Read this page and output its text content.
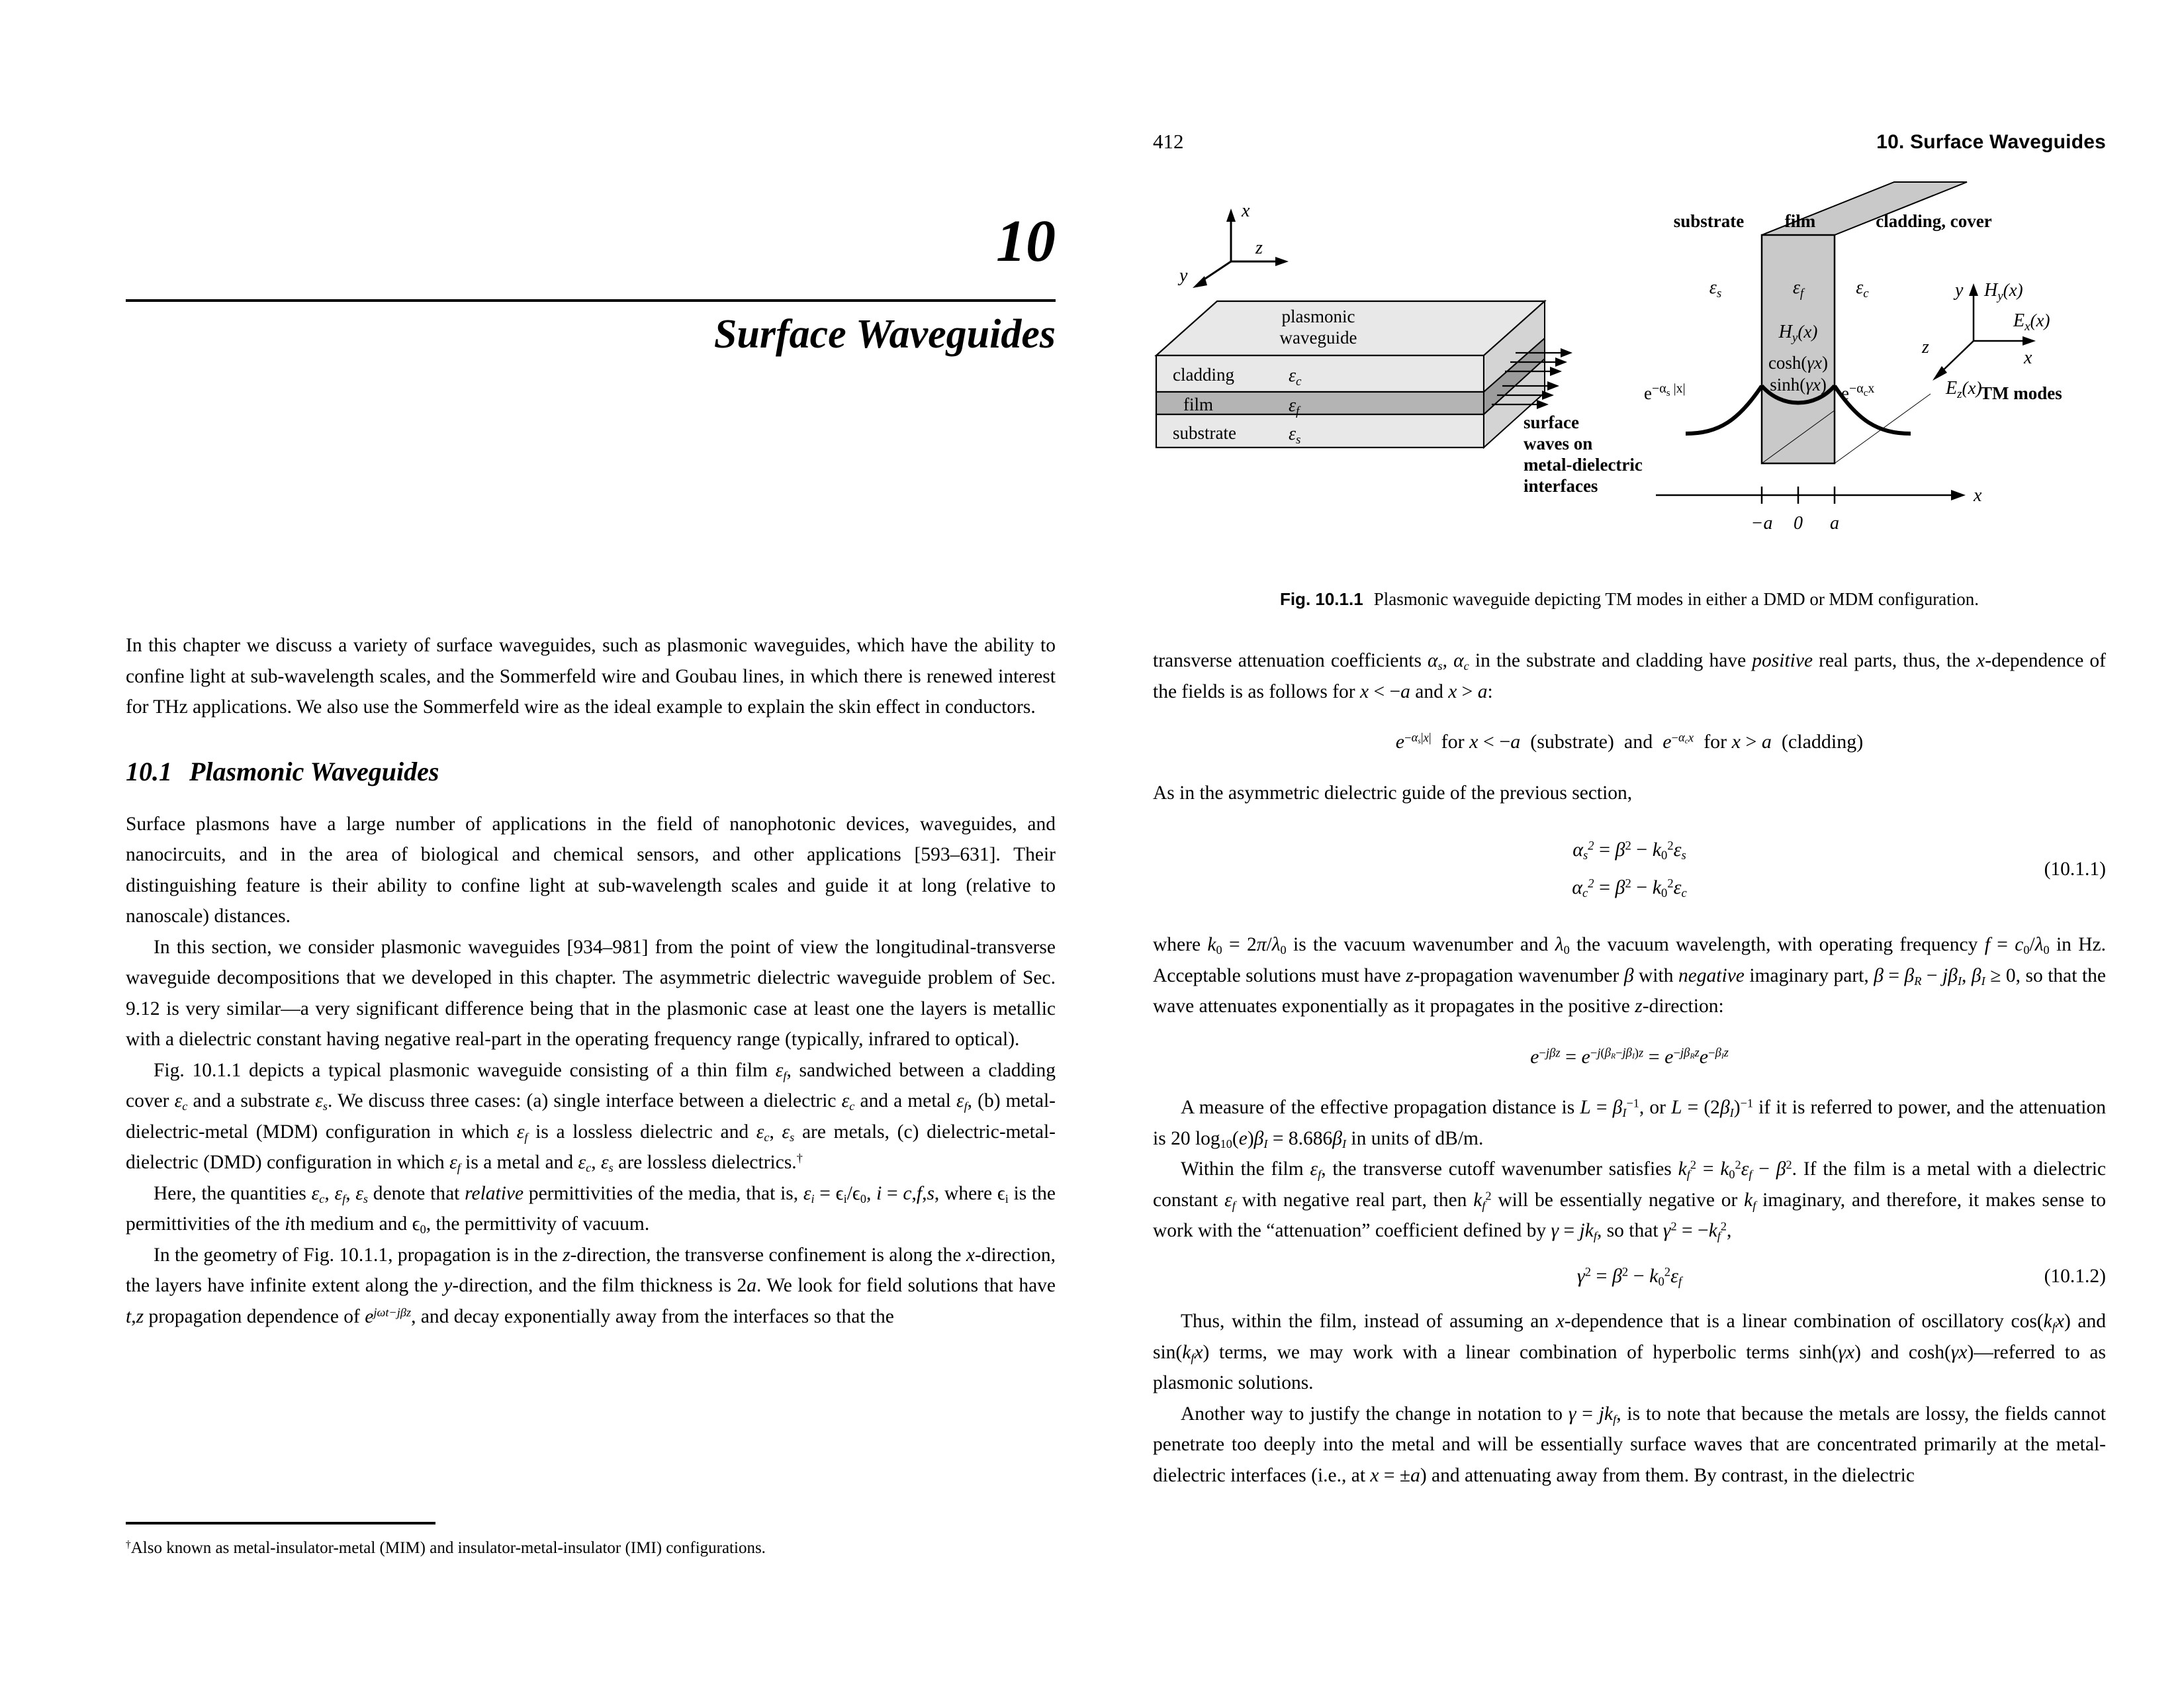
412	10. Surface Waveguides
10
Surface Waveguides

In this chapter we discuss a variety of surface waveguides, such as plasmonic waveguides, which have the ability to confine light at sub-wavelength scales, and the Sommerfeld wire and Goubau lines, in which there is renewed interest for THz applications. We also use the Sommerfeld wire as the ideal example to explain the skin effect in conductors.

10.1 Plasmonic Waveguides

Surface plasmons have a large number of applications in the field of nanophotonic devices, waveguides, and nanocircuits, and in the area of biological and chemical sensors, and other applications [593–631]. Their distinguishing feature is their ability to confine light at sub-wavelength scales and guide it at long (relative to nanoscale) distances.

In this section, we consider plasmonic waveguides [934–981] from the point of view the longitudinal-transverse waveguide decompositions that we developed in this chapter. The asymmetric dielectric waveguide problem of Sec. 9.12 is very similar—a very significant difference being that in the plasmonic case at least one the layers is metallic with a dielectric constant having negative real-part in the operating frequency range (typically, infrared to optical).

Fig. 10.1.1 depicts a typical plasmonic waveguide consisting of a thin film $\varepsilon_f$, sandwiched between a cladding cover $\varepsilon_c$ and a substrate $\varepsilon_s$. We discuss three cases: (a) single interface between a dielectric $\varepsilon_c$ and a metal $\varepsilon_f$, (b) metal-dielectric-metal (MDM) configuration in which $\varepsilon_f$ is a lossless dielectric and $\varepsilon_c$, $\varepsilon_s$ are metals, (c) dielectric-metal-dielectric (DMD) configuration in which $\varepsilon_f$ is a metal and $\varepsilon_c$, $\varepsilon_s$ are lossless dielectrics.†

Here, the quantities $\varepsilon_c$, $\varepsilon_f$, $\varepsilon_s$ denote that relative permittivities of the media, that is, $\varepsilon_i = \epsilon_i/\epsilon_0$, i = c,f,s, where $\epsilon_i$ is the permittivities of the ith medium and $\epsilon_0$, the permittivity of vacuum.

In the geometry of Fig. 10.1.1, propagation is in the z-direction, the transverse confinement is along the x-direction, the layers have infinite extent along the y-direction, and the film thickness is 2a. We look for field solutions that have t,z propagation dependence of $e^{j\omega t-j\beta z}$, and decay exponentially away from the interfaces so that the

†Also known as metal-insulator-metal (MIM) and insulator-metal-insulator (IMI) configurations.
x
z
y
plasmonic
waveguide
cladding	$\varepsilon_c$
film	$\varepsilon_f$
substrate	$\varepsilon_s$
surface
waves on
metal-dielectric
interfaces
substrate film	cladding, cover
$\varepsilon_s$	$\varepsilon_f$	$\varepsilon_c$
$H_y(x)$
cosh(γx)
sinh(γx)
$e^{-\alpha}s$ |x|	$e^{-\alpha}cx$
y $H_y(x)$
$E_x(x)$
x
z
$E_z(x)$
TM modes
x
−a 0 a
Fig. 10.1.1 Plasmonic waveguide depicting TM modes in either a DMD or MDM configuration.

transverse attenuation coefficients $\alpha_s$, $\alpha_c$ in the substrate and cladding have positive real parts, thus, the x-dependence of the fields is as follows for x < −a and x > a:

$e^{-\alpha_s|x|}$ for x < −a (substrate) and $e^{-\alpha_cx}$ for x > a (cladding)

As in the asymmetric dielectric guide of the previous section,

$\alpha_s^2 = \beta^2 - k_0^2\varepsilon_s$
$\alpha_c^2 = \beta^2 - k_0^2\varepsilon_c$
(10.1.1)

where $k_0 = 2\pi/\lambda_0$ is the vacuum wavenumber and $\lambda_0$ the vacuum wavelength, with operating frequency $f = c_0/\lambda_0$ in Hz. Acceptable solutions must have z-propagation wavenumber β with negative imaginary part, $\beta = \beta_R - j\beta_I$, $\beta_I \ge 0$, so that the wave attenuates exponentially as it propagates in the positive z-direction:

$e^{-j\beta z} = e^{-j(\beta_R-j\beta_I)z} = e^{-j\beta_Rz}e^{-\beta_Iz}$

A measure of the effective propagation distance is $L = \beta_I^{-1}$, or $L = (2\beta_I)^{-1}$ if it is referred to power, and the attenuation is 20 $\log_{10}(e)\beta_I = 8.686\beta_I$ in units of dB/m.

Within the film $\varepsilon_f$, the transverse cutoff wavenumber satisfies $k_f^2 = k_0^2\varepsilon_f - \beta^2$. If the film is a metal with a dielectric constant $\varepsilon_f$ with negative real part, then $k_f^2$ will be essentially negative or $k_f$ imaginary, and therefore, it makes sense to work with the “attenuation” coefficient defined by $\gamma = jk_f$, so that $\gamma^2 = -k_f^2$,

$\gamma^2 = \beta^2 - k_0^2\varepsilon_f$	(10.1.2)

Thus, within the film, instead of assuming an x-dependence that is a linear combination of oscillatory $\cos(k_fx)$ and $\sin(k_fx)$ terms, we may work with a linear combination of hyperbolic terms sinh(γx) and cosh(γx)—referred to as plasmonic solutions.

Another way to justify the change in notation to $\gamma = jk_f$, is to note that because the metals are lossy, the fields cannot penetrate too deeply into the metal and will be essentially surface waves that are concentrated primarily at the metal-dielectric interfaces (i.e., at x = ±a) and attenuating away from them. By contrast, in the dielectric
